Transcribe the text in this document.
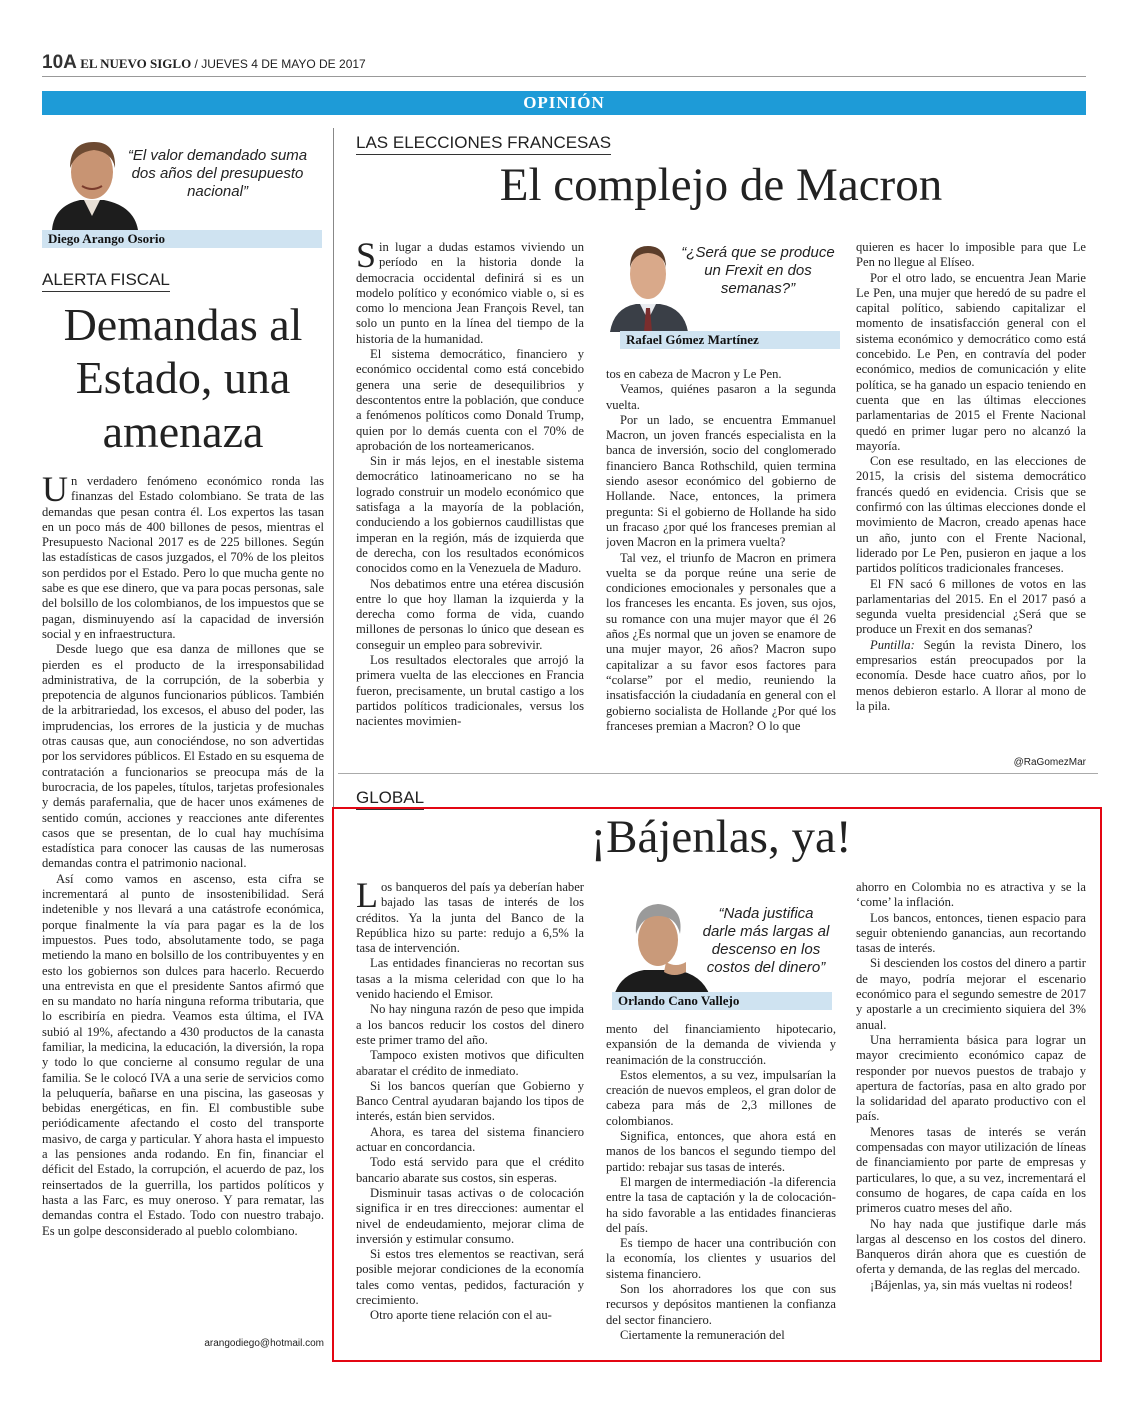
10A EL NUEVO SIGLO / JUEVES 4 DE MAYO DE 2017
OPINIÓN
“El valor demandado suma dos años del presupuesto nacional”
Diego Arango Osorio
ALERTA FISCAL
Demandas al Estado, una amenaza

Un verdadero fenómeno económico ronda las finanzas del Estado colombiano. Se trata de las demandas que pesan contra él. Los expertos las tasan en un poco más de 400 billones de pesos, mientras el Presupuesto Nacional 2017 es de 225 billones. Según las estadísticas de casos juzgados, el 70% de los pleitos son perdidos por el Estado. Pero lo que mucha gente no sabe es que ese dinero, que va para pocas personas, sale del bolsillo de los colombianos, de los impuestos que se pagan, disminuyendo así la capacidad de inversión social y en infraestructura.

Desde luego que esa danza de millones que se pierden es el producto de la irresponsabilidad administrativa, de la corrupción, de la soberbia y prepotencia de algunos funcionarios públicos. También de la arbitrariedad, los excesos, el abuso del poder, las imprudencias, los errores de la justicia y de muchas otras causas que, aun conociéndose, no son advertidas por los servidores públicos. El Estado en su esquema de contratación a funcionarios se preocupa más de la burocracia, de los papeles, títulos, tarjetas profesionales y demás parafernalia, que de hacer unos exámenes de sentido común, acciones y reacciones ante diferentes casos que se presentan, de lo cual hay muchísima estadística para conocer las causas de las numerosas demandas contra el patrimonio nacional.

Así como vamos en ascenso, esta cifra se incrementará al punto de insostenibilidad. Será indetenible y nos llevará a una catástrofe económica, porque finalmente la vía para pagar es la de los impuestos. Pues todo, absolutamente todo, se paga metiendo la mano en bolsillo de los contribuyentes y en esto los gobiernos son dulces para hacerlo. Recuerdo una entrevista en que el presidente Santos afirmó que en su mandato no haría ninguna reforma tributaria, que lo escribiría en piedra. Veamos esta última, el IVA subió al 19%, afectando a 430 productos de la canasta familiar, la medicina, la educación, la diversión, la ropa y todo lo que concierne al consumo regular de una familia. Se le colocó IVA a una serie de servicios como la peluquería, bañarse en una piscina, las gaseosas y bebidas energéticas, en fin. El combustible sube periódicamente afectando el costo del transporte masivo, de carga y particular. Y ahora hasta el impuesto a las pensiones anda rodando. En fin, financiar el déficit del Estado, la corrupción, el acuerdo de paz, los reinsertados de la guerrilla, los partidos políticos y hasta a las Farc, es muy oneroso. Y para rematar, las demandas contra el Estado. Todo con nuestro trabajo. Es un golpe desconsiderado al pueblo colombiano.

arangodiego@hotmail.com
LAS ELECCIONES FRANCESAS
El complejo de Macron

Sin lugar a dudas estamos viviendo un período en la historia donde la democracia occidental definirá si es un modelo político y económico viable o, si es como lo menciona Jean François Revel, tan solo un punto en la línea del tiempo de la historia de la humanidad.

El sistema democrático, financiero y económico occidental como está concebido genera una serie de desequilibrios y descontentos entre la población, que conduce a fenómenos políticos como Donald Trump, quien por lo demás cuenta con el 70% de aprobación de los norteamericanos.

Sin ir más lejos, en el inestable sistema democrático latinoamericano no se ha logrado construir un modelo económico que satisfaga a la mayoría de la población, conduciendo a los gobiernos caudillistas que imperan en la región, más de izquierda que de derecha, con los resultados económicos conocidos como en la Venezuela de Maduro.

Nos debatimos entre una etérea discusión entre lo que hoy llaman la izquierda y la derecha como forma de vida, cuando millones de personas lo único que desean es conseguir un empleo para sobrevivir.

Los resultados electorales que arrojó la primera vuelta de las elecciones en Francia fueron, precisamente, un brutal castigo a los partidos políticos tradicionales, versus los nacientes movimien-

“¿Será que se produce un Frexit en dos semanas?”
Rafael Gómez Martínez

tos en cabeza de Macron y Le Pen.

Veamos, quiénes pasaron a la segunda vuelta.

Por un lado, se encuentra Emmanuel Macron, un joven francés especialista en la banca de inversión, socio del conglomerado financiero Banca Rothschild, quien termina siendo asesor económico del gobierno de Hollande. Nace, entonces, la primera pregunta: Si el gobierno de Hollande ha sido un fracaso ¿por qué los franceses premian al joven Macron en la primera vuelta?

Tal vez, el triunfo de Macron en primera vuelta se da porque reúne una serie de condiciones emocionales y personales que a los franceses les encanta. Es joven, sus ojos, su romance con una mujer mayor que él 26 años ¿Es normal que un joven se enamore de una mujer mayor, 26 años? Macron supo capitalizar a su favor esos factores para “colarse” por el medio, reuniendo la insatisfacción la ciudadanía en general con el gobierno socialista de Hollande ¿Por qué los franceses premian a Macron? O lo que

quieren es hacer lo imposible para que Le Pen no llegue al Elíseo.

Por el otro lado, se encuentra Jean Marie Le Pen, una mujer que heredó de su padre el capital político, sabiendo capitalizar el momento de insatisfacción general con el sistema económico y democrático como está concebido. Le Pen, en contravía del poder económico, medios de comunicación y elite política, se ha ganado un espacio teniendo en cuenta que en las últimas elecciones parlamentarias de 2015 el Frente Nacional quedó en primer lugar pero no alcanzó la mayoría.

Con ese resultado, en las elecciones de 2015, la crisis del sistema democrático francés quedó en evidencia. Crisis que se confirmó con las últimas elecciones donde el movimiento de Macron, creado apenas hace un año, junto con el Frente Nacional, liderado por Le Pen, pusieron en jaque a los partidos políticos tradicionales franceses.

El FN sacó 6 millones de votos en las parlamentarias del 2015. En el 2017 pasó a segunda vuelta presidencial ¿Será que se produce un Frexit en dos semanas?

Puntilla: Según la revista Dinero, los empresarios están preocupados por la economía. Desde hace cuatro años, por lo menos debieron estarlo. A llorar al mono de la pila.

@RaGomezMar
GLOBAL
¡Bájenlas, ya!

Los banqueros del país ya deberían haber bajado las tasas de interés de los créditos. Ya la junta del Banco de la República hizo su parte: redujo a 6,5% la tasa de intervención.

Las entidades financieras no recortan sus tasas a la misma celeridad con que lo ha venido haciendo el Emisor.

No hay ninguna razón de peso que impida a los bancos reducir los costos del dinero este primer tramo del año.

Tampoco existen motivos que dificulten abaratar el crédito de inmediato.

Si los bancos querían que Gobierno y Banco Central ayudaran bajando los tipos de interés, están bien servidos.

Ahora, es tarea del sistema financiero actuar en concordancia.

Todo está servido para que el crédito bancario abarate sus costos, sin esperas.

Disminuir tasas activas o de colocación significa ir en tres direcciones: aumentar el nivel de endeudamiento, mejorar clima de inversión y estimular consumo.

Si estos tres elementos se reactivan, será posible mejorar condiciones de la economía tales como ventas, pedidos, facturación y crecimiento.

Otro aporte tiene relación con el au-

“Nada justifica darle más largas al descenso en los costos del dinero”
Orlando Cano Vallejo

mento del financiamiento hipotecario, expansión de la demanda de vivienda y reanimación de la construcción.

Estos elementos, a su vez, impulsarían la creación de nuevos empleos, el gran dolor de cabeza para más de 2,3 millones de colombianos.

Significa, entonces, que ahora está en manos de los bancos el segundo tiempo del partido: rebajar sus tasas de interés.

El margen de intermediación -la diferencia entre la tasa de captación y la de colocación- ha sido favorable a las entidades financieras del país.

Es tiempo de hacer una contribución con la economía, los clientes y usuarios del sistema financiero.

Son los ahorradores los que con sus recursos y depósitos mantienen la confianza del sector financiero.

Ciertamente la remuneración del

ahorro en Colombia no es atractiva y se la ‘come’ la inflación.

Los bancos, entonces, tienen espacio para seguir obteniendo ganancias, aun recortando tasas de interés.

Si descienden los costos del dinero a partir de mayo, podría mejorar el escenario económico para el segundo semestre de 2017 y apostarle a un crecimiento siquiera del 3% anual.

Una herramienta básica para lograr un mayor crecimiento económico capaz de responder por nuevos puestos de trabajo y apertura de factorías, pasa en alto grado por la solidaridad del aparato productivo con el país.

Menores tasas de interés se verán compensadas con mayor utilización de líneas de financiamiento por parte de empresas y particulares, lo que, a su vez, incrementará el consumo de hogares, de capa caída en los primeros cuatro meses del año.

No hay nada que justifique darle más largas al descenso en los costos del dinero. Banqueros dirán ahora que es cuestión de oferta y demanda, de las reglas del mercado.

¡Bájenlas, ya, sin más vueltas ni rodeos!
